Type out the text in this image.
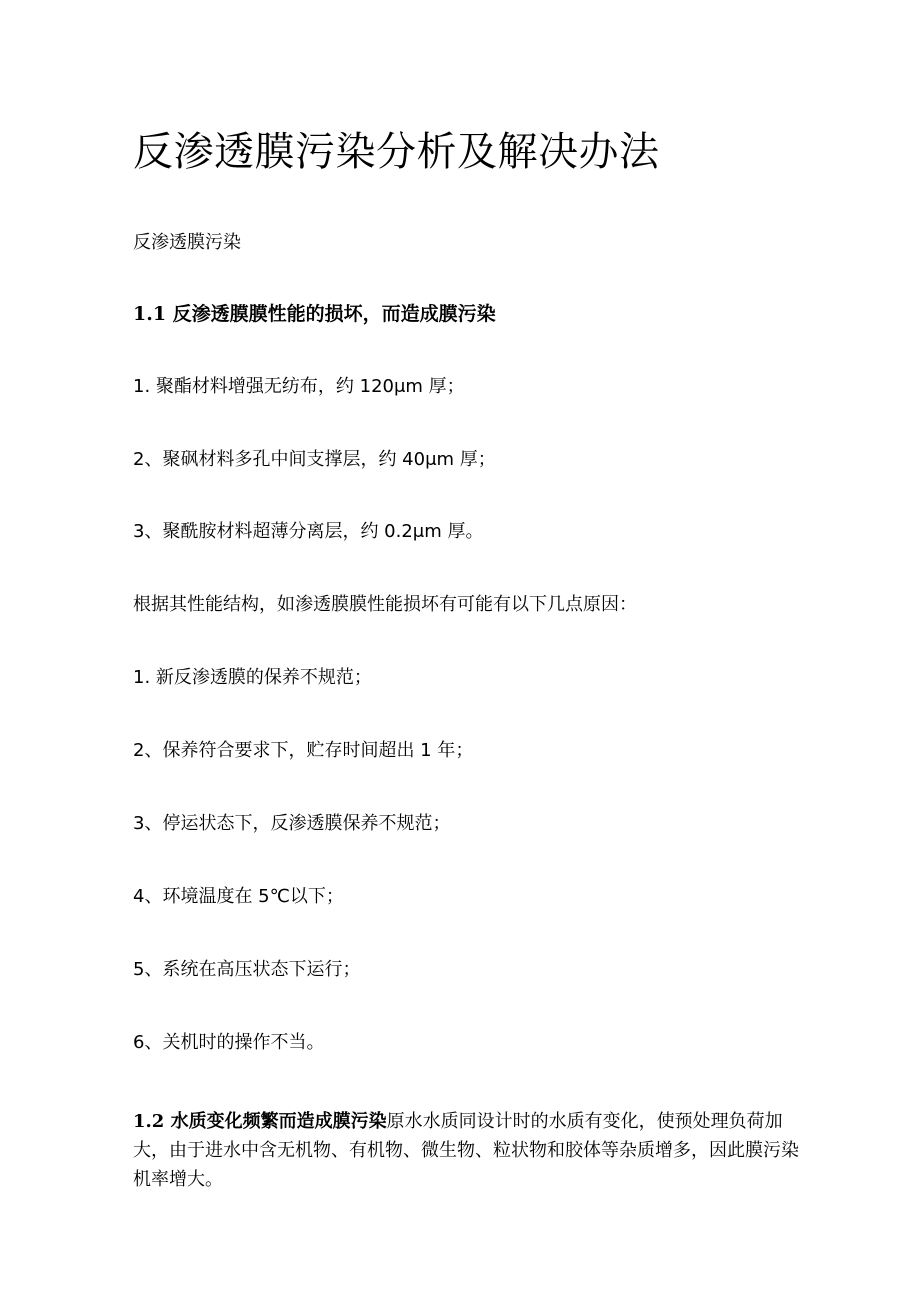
反渗透膜污染分析及解决办法

反渗透膜污染

1.1 反渗透膜膜性能的损坏，而造成膜污染

1. 聚酯材料增强无纺布，约 120μm 厚；

2、聚砜材料多孔中间支撑层，约 40μm 厚；

3、聚酰胺材料超薄分离层，约 0.2μm 厚。

根据其性能结构，如渗透膜膜性能损坏有可能有以下几点原因：

1. 新反渗透膜的保养不规范；

2、保养符合要求下，贮存时间超出 1 年；

3、停运状态下，反渗透膜保养不规范；

4、环境温度在 5℃以下；

5、系统在高压状态下运行；

6、关机时的操作不当。

1.2 水质变化频繁而造成膜污染原水水质同设计时的水质有变化，使预处理负荷加大，由于进水中含无机物、有机物、微生物、粒状物和胶体等杂质增多，因此膜污染机率增大。
